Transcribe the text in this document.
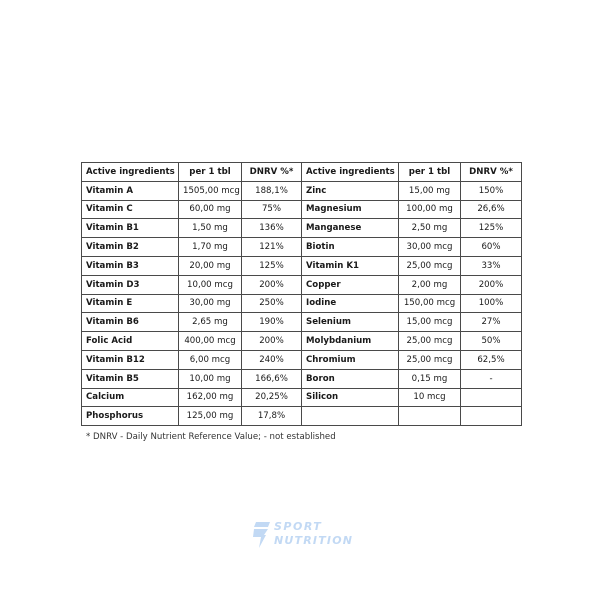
Active ingredients	per 1 tbl	DNRV %*	Active ingredients	per 1 tbl	DNRV %*
Vitamin A	1505,00 mcg	188,1%	Zinc	15,00 mg	150%
Vitamin C	60,00 mg	75%	Magnesium	100,00 mg	26,6%
Vitamin B1	1,50 mg	136%	Manganese	2,50 mg	125%
Vitamin B2	1,70 mg	121%	Biotin	30,00 mcg	60%
Vitamin B3	20,00 mg	125%	Vitamin K1	25,00 mcg	33%
Vitamin D3	10,00 mcg	200%	Copper	2,00 mg	200%
Vitamin E	30,00 mg	250%	Iodine	150,00 mcg	100%
Vitamin B6	2,65 mg	190%	Selenium	15,00 mcg	27%
Folic Acid	400,00 mcg	200%	Molybdanium	25,00 mcg	50%
Vitamin B12	6,00 mcg	240%	Chromium	25,00 mcg	62,5%
Vitamin B5	10,00 mg	166,6%	Boron	0,15 mg	-
Calcium	162,00 mg	20,25%	Silicon	10 mcg	
Phosphorus	125,00 mg	17,8%			
* DNRV - Daily Nutrient Reference Value; - not established
SPORT
NUTRITION
